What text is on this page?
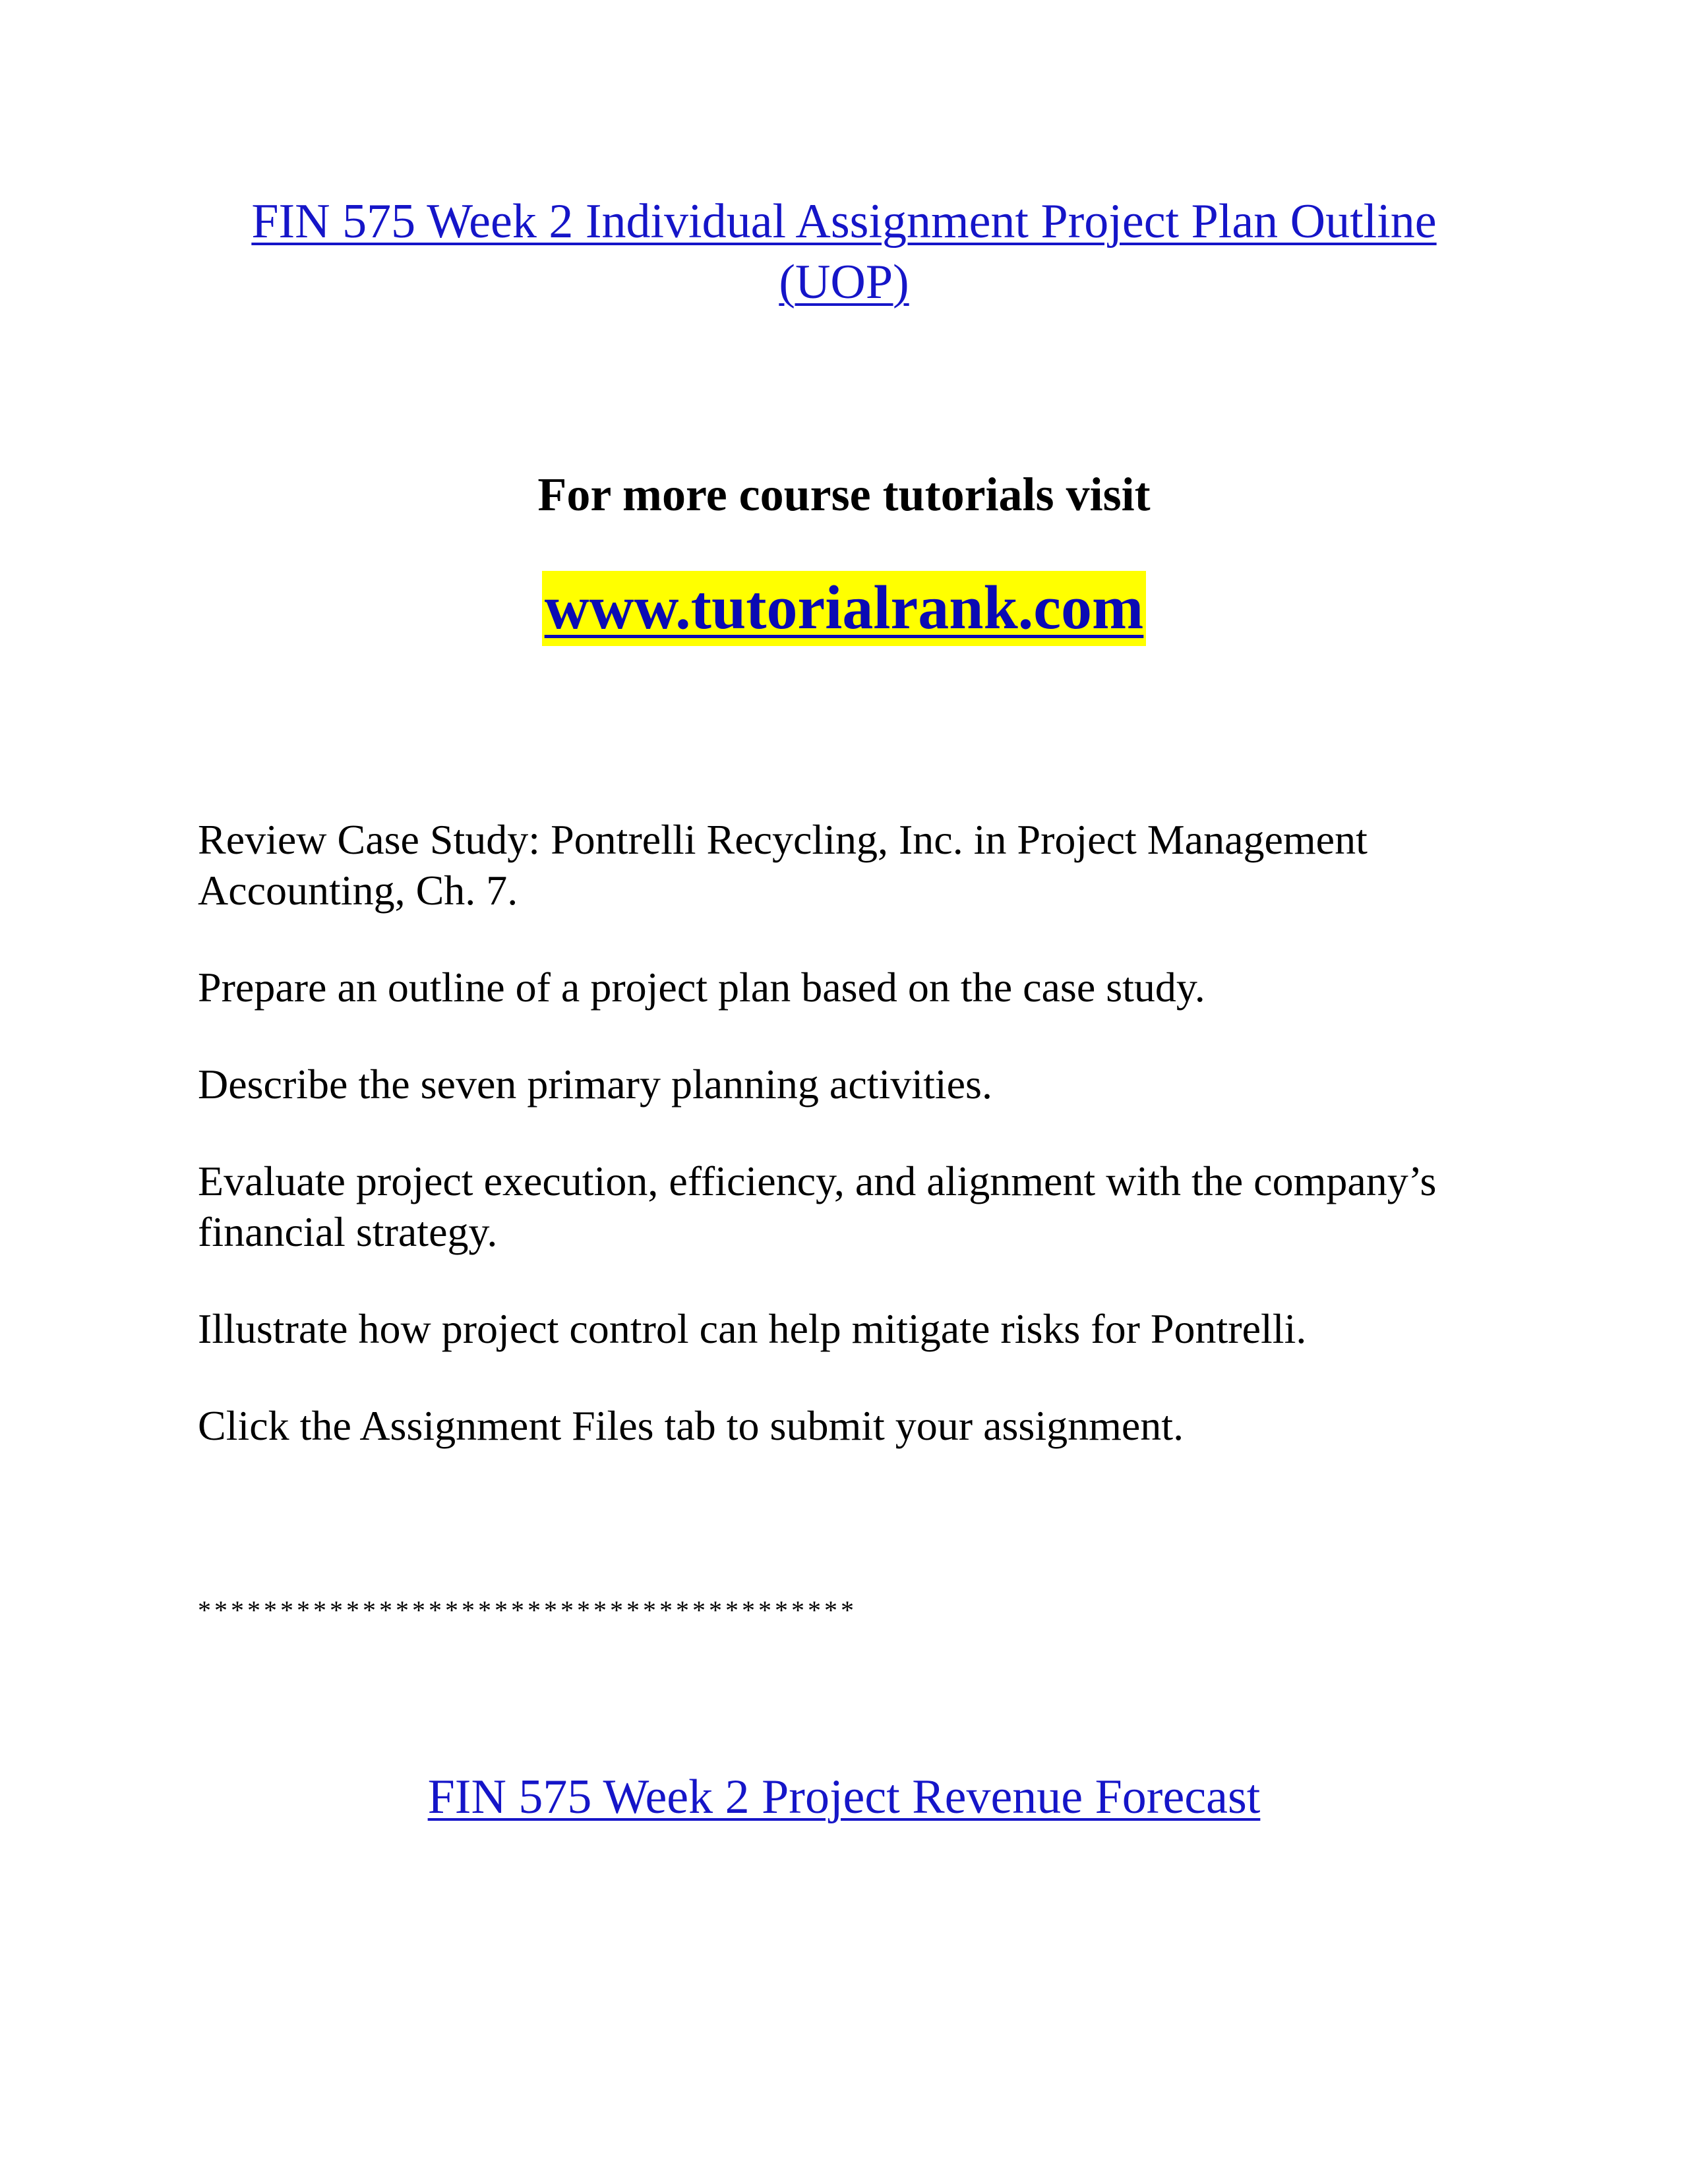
FIN 575 Week 2 Individual Assignment Project Plan Outline (UOP)
For more course tutorials visit
www.tutorialrank.com

Review Case Study: Pontrelli Recycling, Inc. in Project Management Accounting, Ch. 7.

Prepare an outline of a project plan based on the case study.

Describe the seven primary planning activities.

Evaluate project execution, efficiency, and alignment with the company’s financial strategy.

Illustrate how project control can help mitigate risks for Pontrelli.

Click the Assignment Files tab to submit your assignment.

****************************************
FIN 575 Week 2 Project Revenue Forecast
